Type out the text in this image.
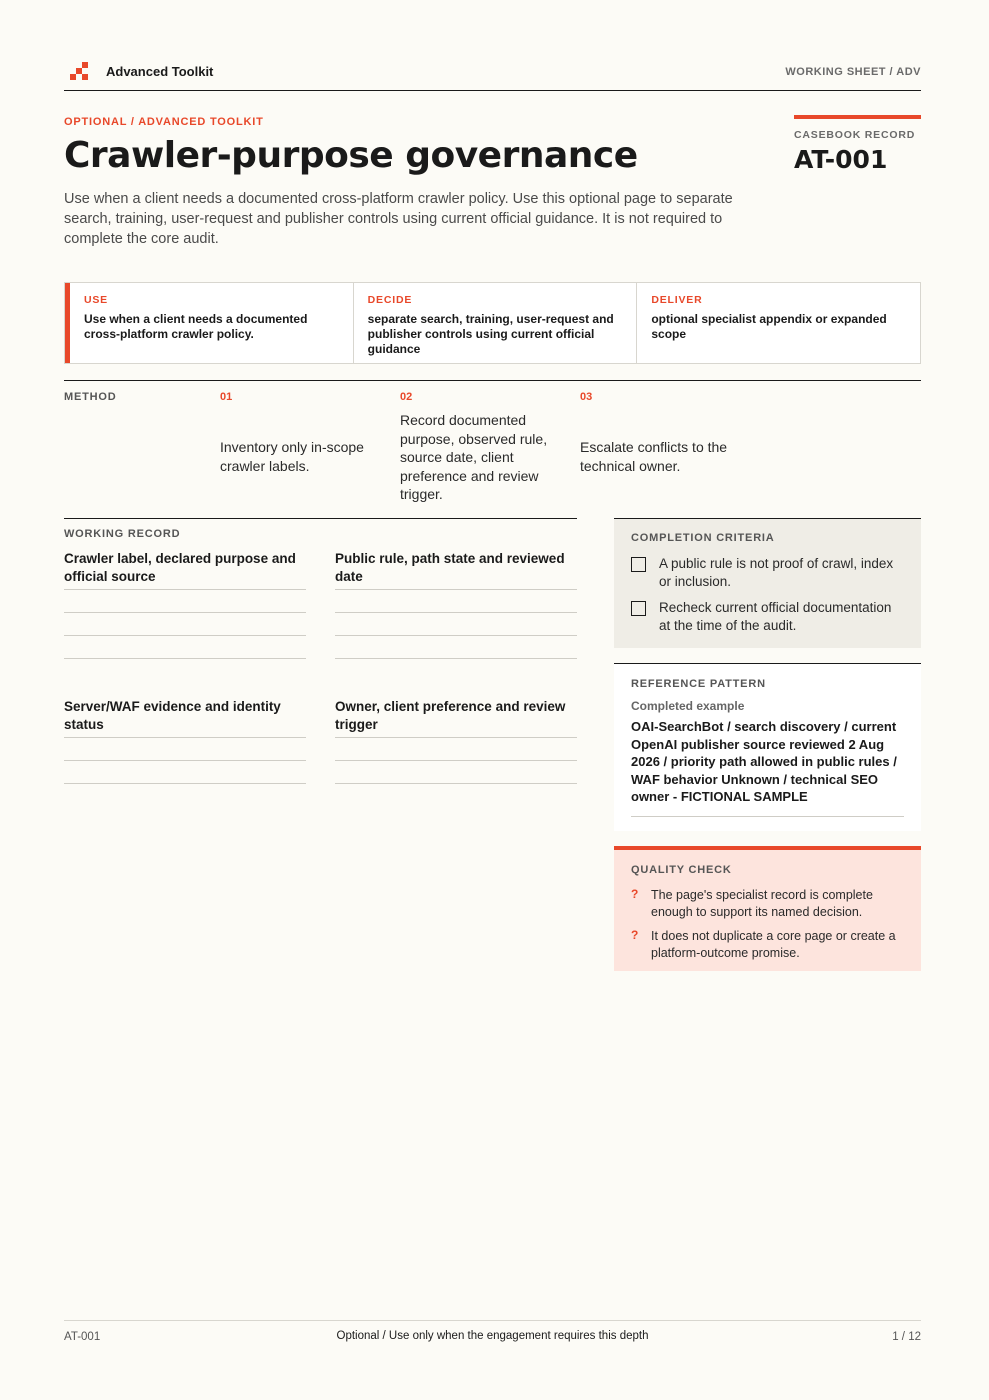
Advanced Toolkit	WORKING SHEET / ADV
OPTIONAL / ADVANCED TOOLKIT
Crawler-purpose governance
Use when a client needs a documented cross-platform crawler policy. Use this optional page to separate search, training, user-request and publisher controls using current official guidance. It is not required to complete the core audit.
CASEBOOK RECORD
AT-001
USE
Use when a client needs a documented cross-platform crawler policy.
DECIDE
separate search, training, user-request and publisher controls using current official guidance
DELIVER
optional specialist appendix or expanded scope
METHOD	01
Inventory only in-scope crawler labels.
02
Record documented purpose, observed rule, source date, client preference and review trigger.
03
Escalate conflicts to the technical owner.
WORKING RECORD
Crawler label, declared purpose and official source
Public rule, path state and reviewed date
Server/WAF evidence and identity status
Owner, client preference and review trigger
COMPLETION CRITERIA
A public rule is not proof of crawl, index or inclusion.
Recheck current official documentation at the time of the audit.
REFERENCE PATTERN
Completed example
OAI-SearchBot / search discovery / current OpenAI publisher source reviewed 2 Aug 2026 / priority path allowed in public rules / WAF behavior Unknown / technical SEO owner - FICTIONAL SAMPLE
QUALITY CHECK
?	The page's specialist record is complete enough to support its named decision.
?	It does not duplicate a core page or create a platform-outcome promise.
AT-001	Optional / Use only when the engagement requires this depth	1 / 12
